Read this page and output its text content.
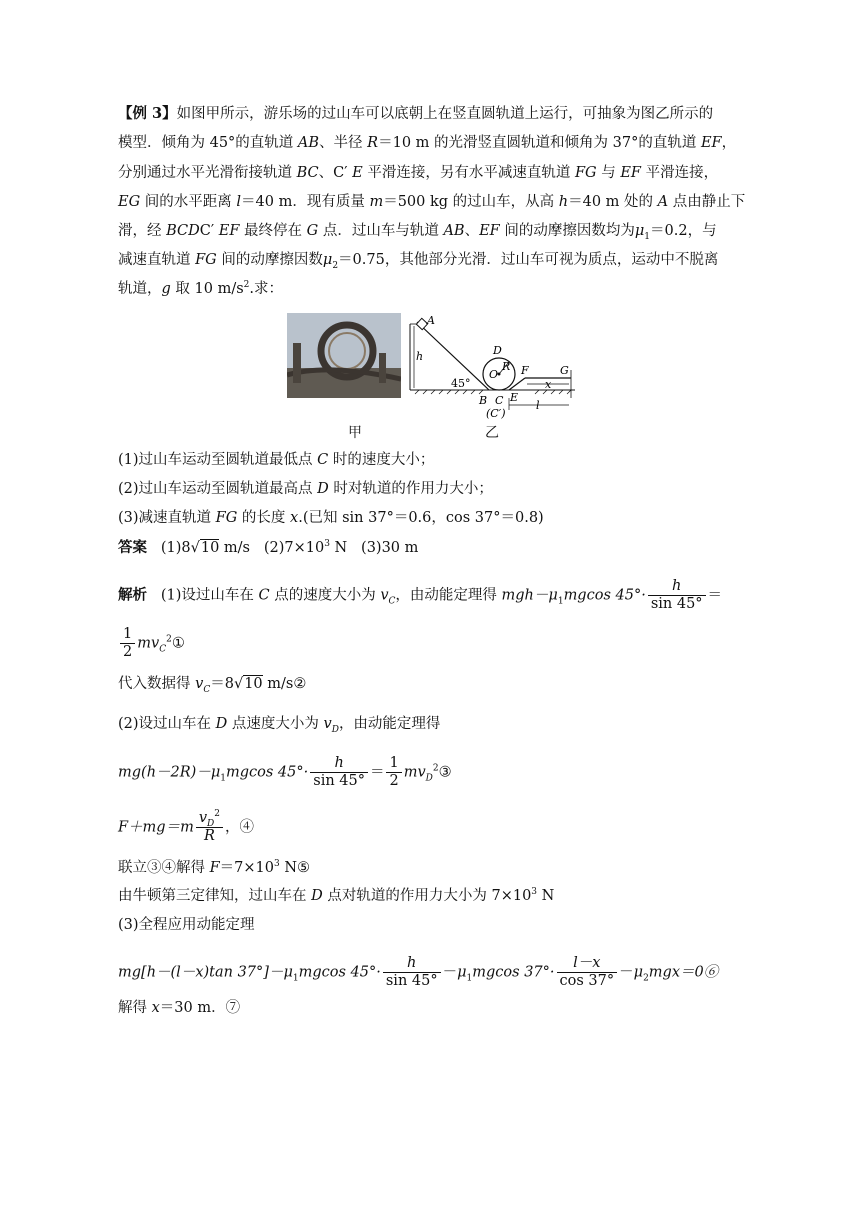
【例 3】如图甲所示，游乐场的过山车可以底朝上在竖直圆轨道上运行，可抽象为图乙所示的
模型．倾角为 45°的直轨道 AB、半径 R＝10 m 的光滑竖直圆轨道和倾角为 37°的直轨道 EF，
分别通过水平光滑衔接轨道 BC、C′ E 平滑连接，另有水平减速直轨道 FG 与 EF 平滑连接，
EG 间的水平距离 l＝40 m．现有质量 m＝500 kg 的过山车，从高 h＝40 m 处的 A 点由静止下
滑，经 BCDC′ EF 最终停在 G 点．过山车与轨道 AB、EF 间的动摩擦因数均为$\mu_1=0.2$，与
减速直轨道 FG 间的动摩擦因数$\mu_2=0.75$，其他部分光滑．过山车可视为质点，运动中不脱离
轨道，g 取 10 $m/s^2$.求：
甲
A
h
45°
D
O
R F	G
x
B C E
(C′)
l
乙
(1)过山车运动至圆轨道最低点 C 时的速度大小；
(2)过山车运动至圆轨道最高点 D 时对轨道的作用力大小；
(3)减速直轨道 FG 的长度 x.(已知 sin 37°＝0.6，cos 37°＝0.8)
答案 (1)8√10 m/s $(2)7\times 10^3$ N (3)30 m
解析 (1)设过山车在 C 点的速度大小为 $v_C$，由动能定理得 $mgh-\mu_1mgcos$ $45^\circ\cdot \frac{h}{\sin 45^\circ}$ ＝
$\frac{1}{2}$ $mv_C^2①$
代入数据得 $v_C=8√10$ m/s②
(2)设过山车在 D 点速度大小为 $v_D$，由动能定理得
$mg(h-2R)-\mu_1mgcos$ $45^\circ\cdot \frac{h}{\sin 45^\circ} = \frac{1}{2}$ $mv_D^2③$
$F+mg=m \frac{v_D^2}{R}$ ，④
联立③④解得 $F=7\times 10^3$ N⑤
由牛顿第三定律知，过山车在 D 点对轨道的作用力大小为 $7\times 10^3$ N
(3)全程应用动能定理
mg[h－(l－x)tan $37^\circ]-\mu_1mgcos$ $45^\circ\cdot \frac{h}{\sin 45^\circ} -\mu_1mgcos$ $37^\circ\cdot \frac{l-x}{\cos 37^\circ}$ $-\mu_2mgx=0⑥$
解得 x＝30 m．⑦
